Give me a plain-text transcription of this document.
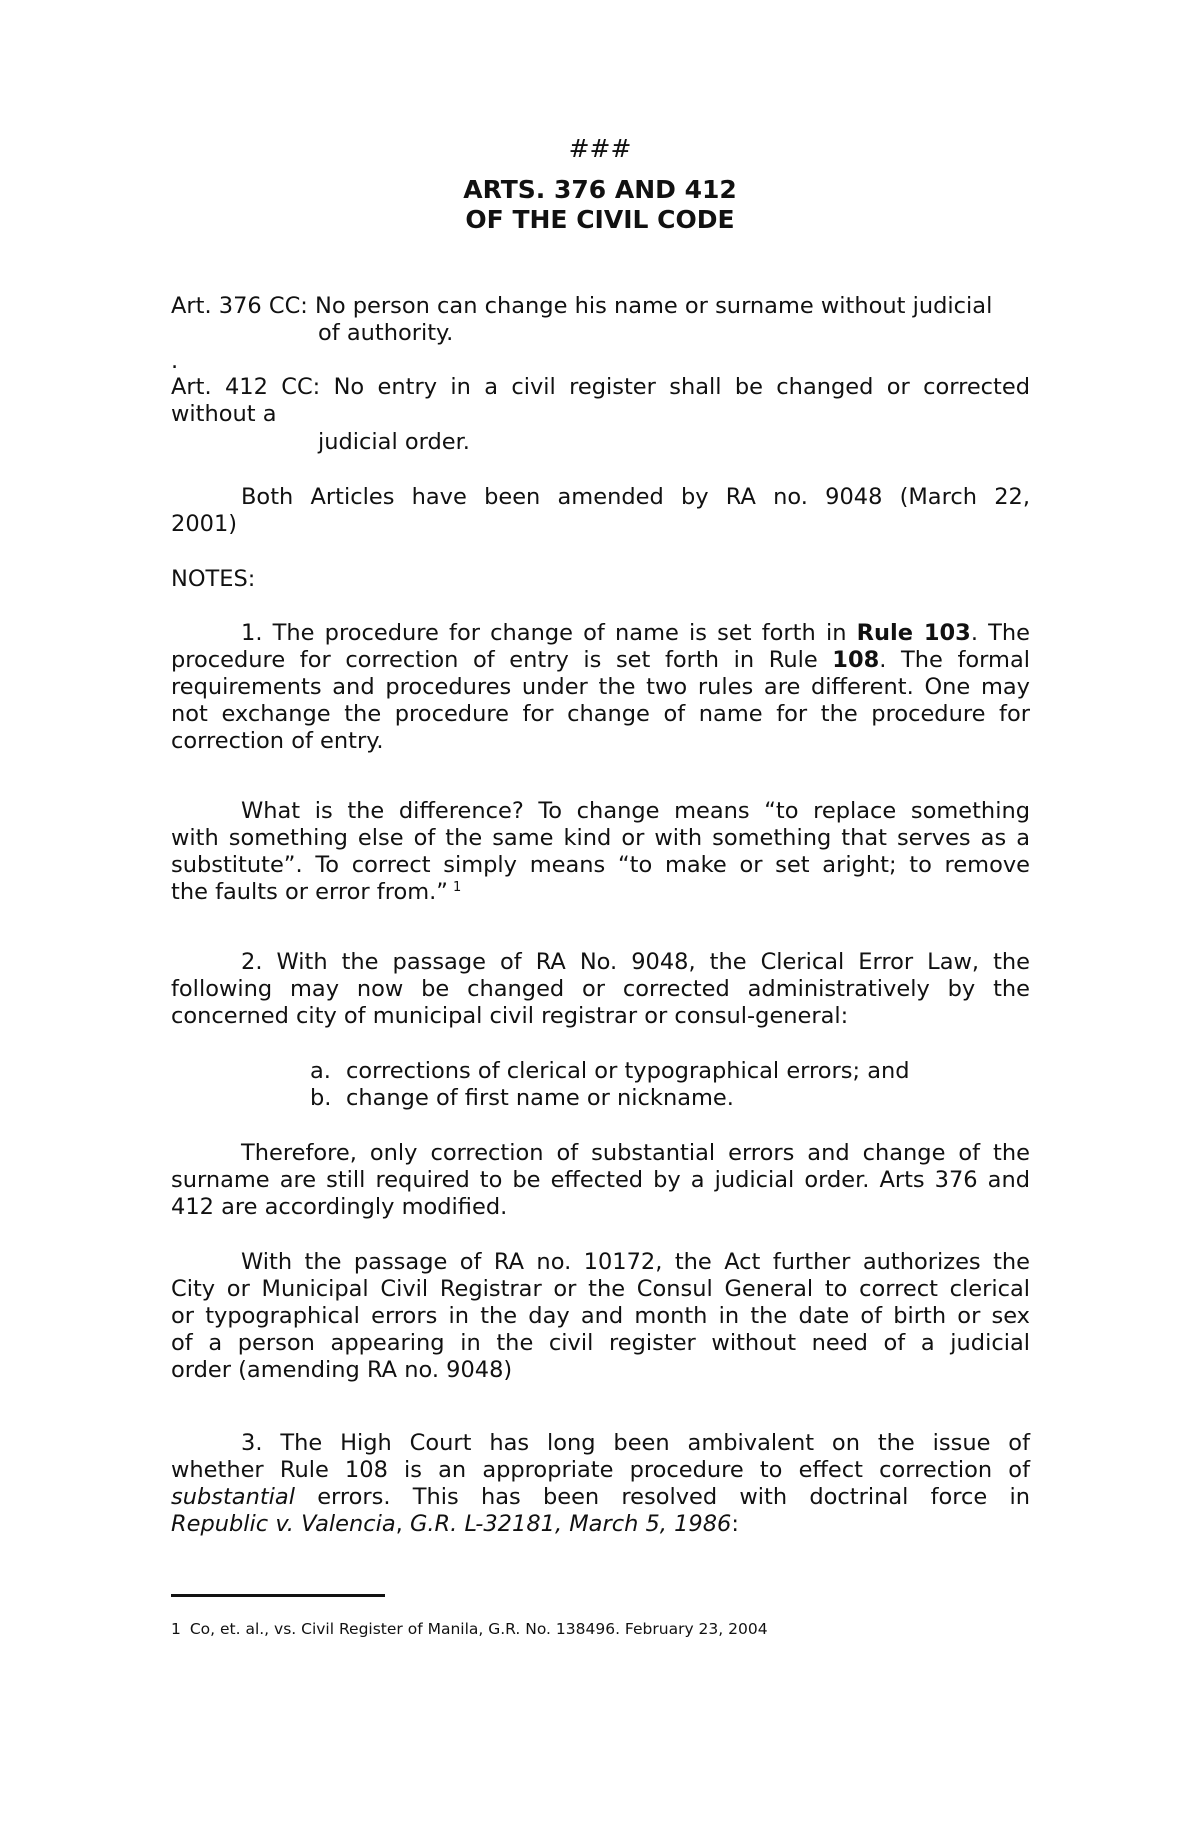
###

ARTS. 376 AND 412

OF THE CIVIL CODE

Art. 376 CC: No person can change his name or surname without judicial

of authority.

.

Art. 412 CC: No entry in a civil register shall be changed or corrected

without a

judicial order.

Both Articles have been amended by RA no. 9048 (March 22,

2001)

NOTES:

1. The procedure for change of name is set forth in Rule 103. The
procedure for correction of entry is set forth in Rule 108. The formal
requirements and procedures under the two rules are different. One may
not exchange the procedure for change of name for the procedure for
correction of entry.
What is the difference? To change means “to replace something
with something else of the same kind or with something that serves as a
substitute”. To correct simply means “to make or set aright; to remove
the faults or error from.” 1
2. With the passage of RA No. 9048, the Clerical Error Law, the
following may now be changed or corrected administratively by the
concerned city of municipal civil registrar or consul-general:

a. corrections of clerical or typographical errors; and

b. change of first name or nickname.

Therefore, only correction of substantial errors and change of the
surname are still required to be effected by a judicial order. Arts 376 and
412 are accordingly modified.
With the passage of RA no. 10172, the Act further authorizes the
City or Municipal Civil Registrar or the Consul General to correct clerical
or typographical errors in the day and month in the date of birth or sex
of a person appearing in the civil register without need of a judicial
order (amending RA no. 9048)
3. The High Court has long been ambivalent on the issue of
whether Rule 108 is an appropriate procedure to effect correction of
substantial errors. This has been resolved with doctrinal force in
Republic v. Valencia, G.R. L-32181, March 5, 1986:

1 Co, et. al., vs. Civil Register of Manila, G.R. No. 138496. February 23, 2004
